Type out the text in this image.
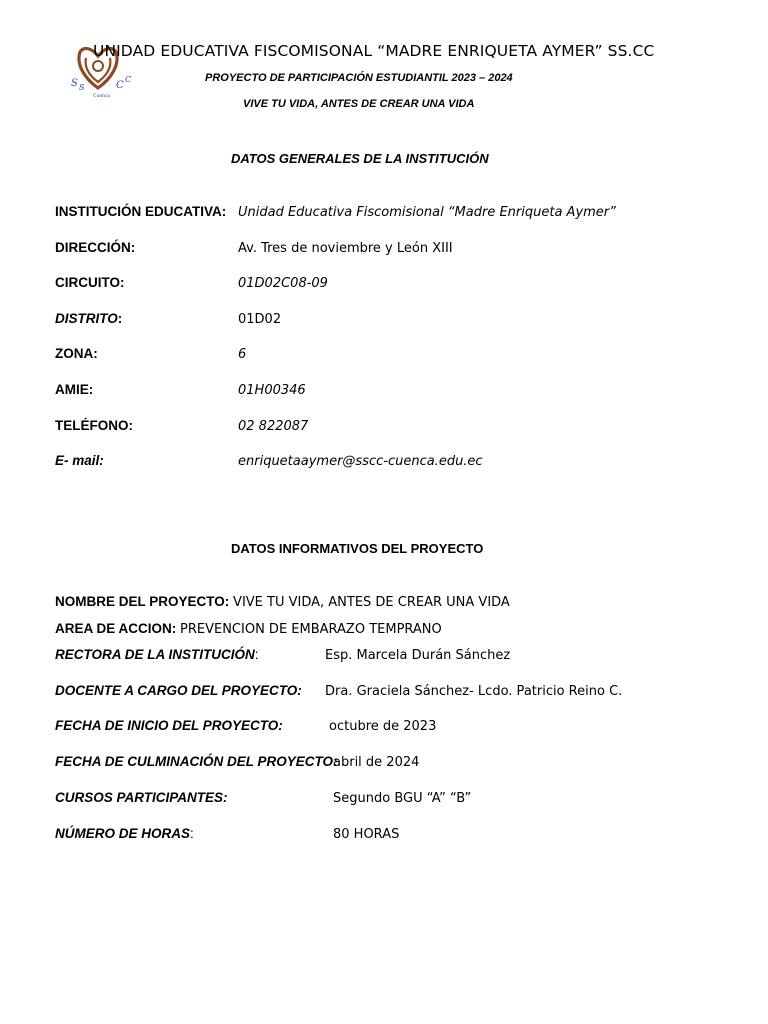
S S	C
C
Cuenca
UNIDAD EDUCATIVA FISCOMISONAL “MADRE ENRIQUETA AYMER” SS.CC
PROYECTO DE PARTICIPACIÓN ESTUDIANTIL 2023 – 2024
VIVE TU VIDA, ANTES DE CREAR UNA VIDA
DATOS GENERALES DE LA INSTITUCIÓN
INSTITUCIÓN EDUCATIVA: Unidad Educativa Fiscomisional “Madre Enriqueta Aymer”
DIRECCIÓN:	Av. Tres de noviembre y León XIII
CIRCUITO:	01D02C08-09
DISTRITO:	01D02
ZONA:	6
AMIE:	01H00346
TELÉFONO:	02 822087
E- mail:	enriquetaaymer@sscc-cuenca.edu.ec
DATOS INFORMATIVOS DEL PROYECTO
NOMBRE DEL PROYECTO: VIVE TU VIDA, ANTES DE CREAR UNA VIDA
AREA DE ACCION: PREVENCION DE EMBARAZO TEMPRANO
RECTORA DE LA INSTITUCIÓN:	Esp. Marcela Durán Sánchez
DOCENTE A CARGO DEL PROYECTO: Dra. Graciela Sánchez- Lcdo. Patricio Reino C.
FECHA DE INICIO DEL PROYECTO:	octubre de 2023
FECHA DE CULMINACIÓN DEL PROYECTO:
abril de 2024
CURSOS PARTICIPANTES:	Segundo BGU “A” “B”
NÚMERO DE HORAS:	80 HORAS
